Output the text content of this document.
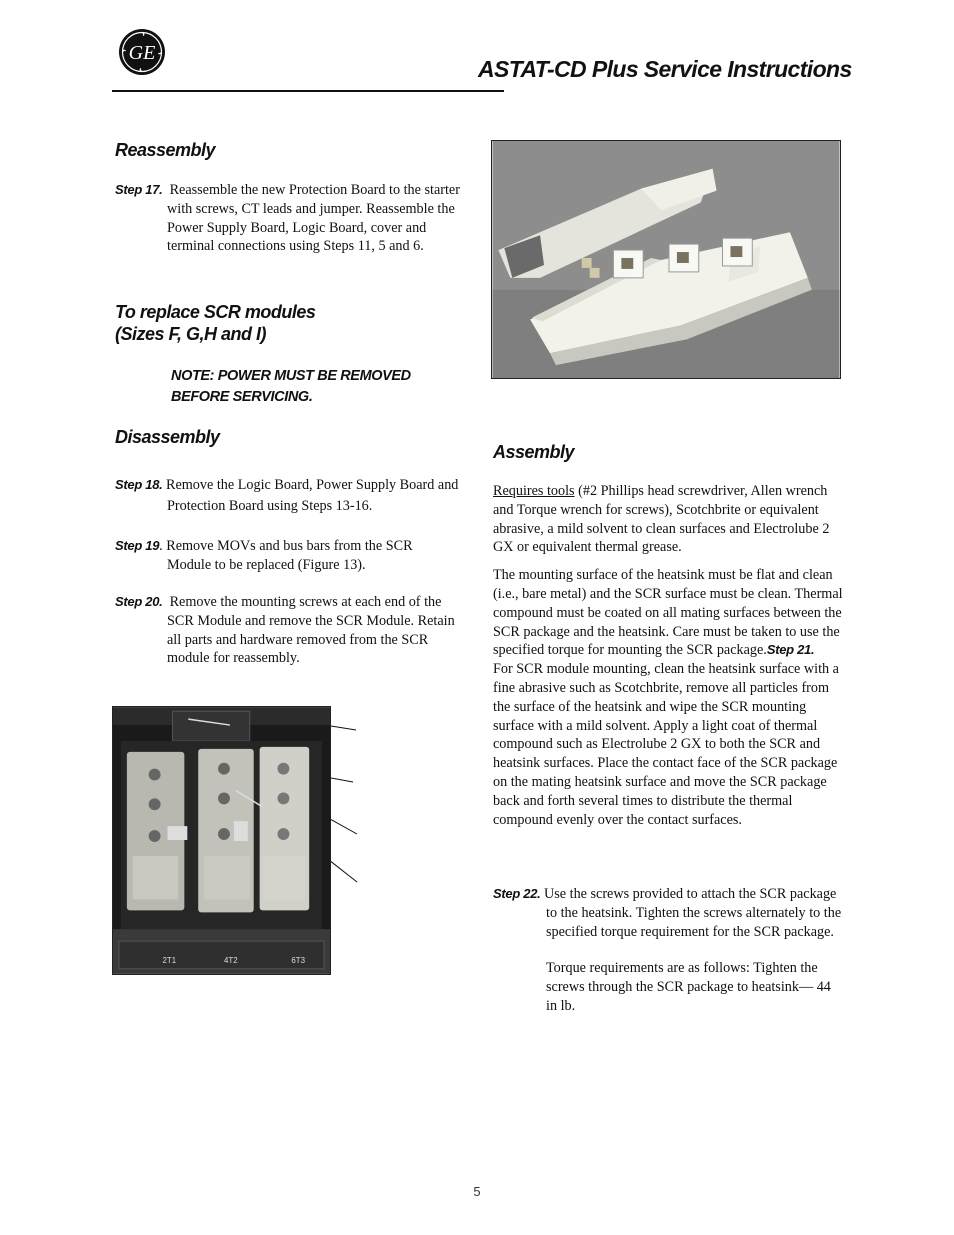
GE
ASTAT-CD Plus Service Instructions
Reassembly

Step 17. Reassemble the new Protection Board to the starter with screws, CT leads and jumper. Reassemble the Power Supply Board, Logic Board, cover and terminal connections using Steps 11, 5 and 6.

To replace SCR modules
(Sizes F, G,H and I)
NOTE: POWER MUST BE REMOVED
BEFORE SERVICING.
Disassembly

Step 18. Remove the Logic Board, Power Supply Board and Protection Board using Steps 13-16.

Step 19. Remove MOVs and bus bars from the SCR Module to be replaced (Figure 13).

Step 20. Remove the mounting screws at each end of the SCR Module and remove the SCR Module. Retain all parts and hardware removed from the SCR module for reassembly.

2T1	4T2	6T3
Assembly

Requires tools (#2 Phillips head screwdriver, Allen wrench and Torque wrench for screws), Scotchbrite or equivalent abrasive, a mild solvent to clean surfaces and Electrolube 2 GX or equivalent thermal grease.

The mounting surface of the heatsink must be flat and clean (i.e., bare metal) and the SCR surface must be clean. Thermal compound must be coated on all mating surfaces between the SCR package and the heatsink. Care must be taken to use the specified torque for mounting the SCR package.Step 21.
For SCR module mounting, clean the heatsink surface with a fine abrasive such as Scotchbrite, remove all particles from the surface of the heatsink and wipe the SCR mounting surface with a mild solvent. Apply a light coat of thermal compound such as Electrolube 2 GX to both the SCR and heatsink surfaces. Place the contact face of the SCR package on the mating heatsink surface and move the SCR package back and forth several times to distribute the thermal compound evenly over the contact surfaces.

Step 22. Use the screws provided to attach the SCR package to the heatsink. Tighten the screws alternately to the specified torque requirement for the SCR package.

Torque requirements are as follows: Tighten the screws through the SCR package to heatsink— 44 in lb.

5
